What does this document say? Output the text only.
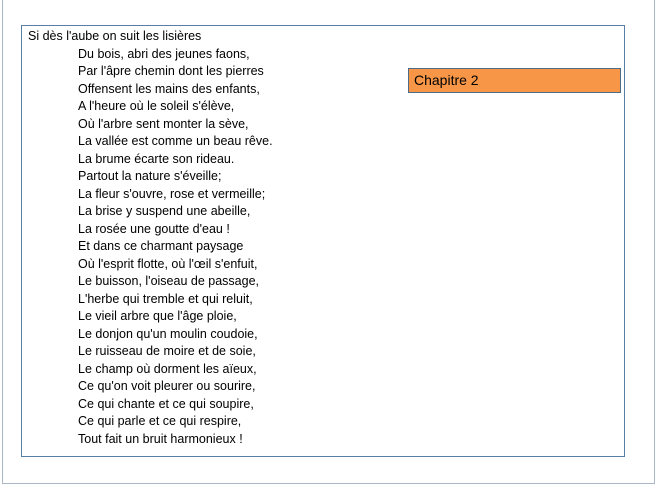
Si dès l'aube on suit les lisières
Du bois, abri des jeunes faons,
Par l'âpre chemin dont les pierres
Offensent les mains des enfants,
A l'heure où le soleil s'élève,
Où l'arbre sent monter la sève,
La vallée est comme un beau rêve.
La brume écarte son rideau.
Partout la nature s'éveille;
La fleur s'ouvre, rose et vermeille;
La brise y suspend une abeille,
La rosée une goutte d'eau !
Et dans ce charmant paysage
Où l'esprit flotte, où l'œil s'enfuit,
Le buisson, l'oiseau de passage,
L'herbe qui tremble et qui reluit,
Le vieil arbre que l'âge ploie,
Le donjon qu'un moulin coudoie,
Le ruisseau de moire et de soie,
Le champ où dorment les aïeux,
Ce qu'on voit pleurer ou sourire,
Ce qui chante et ce qui soupire,
Ce qui parle et ce qui respire,
Tout fait un bruit harmonieux !
Chapitre 2
